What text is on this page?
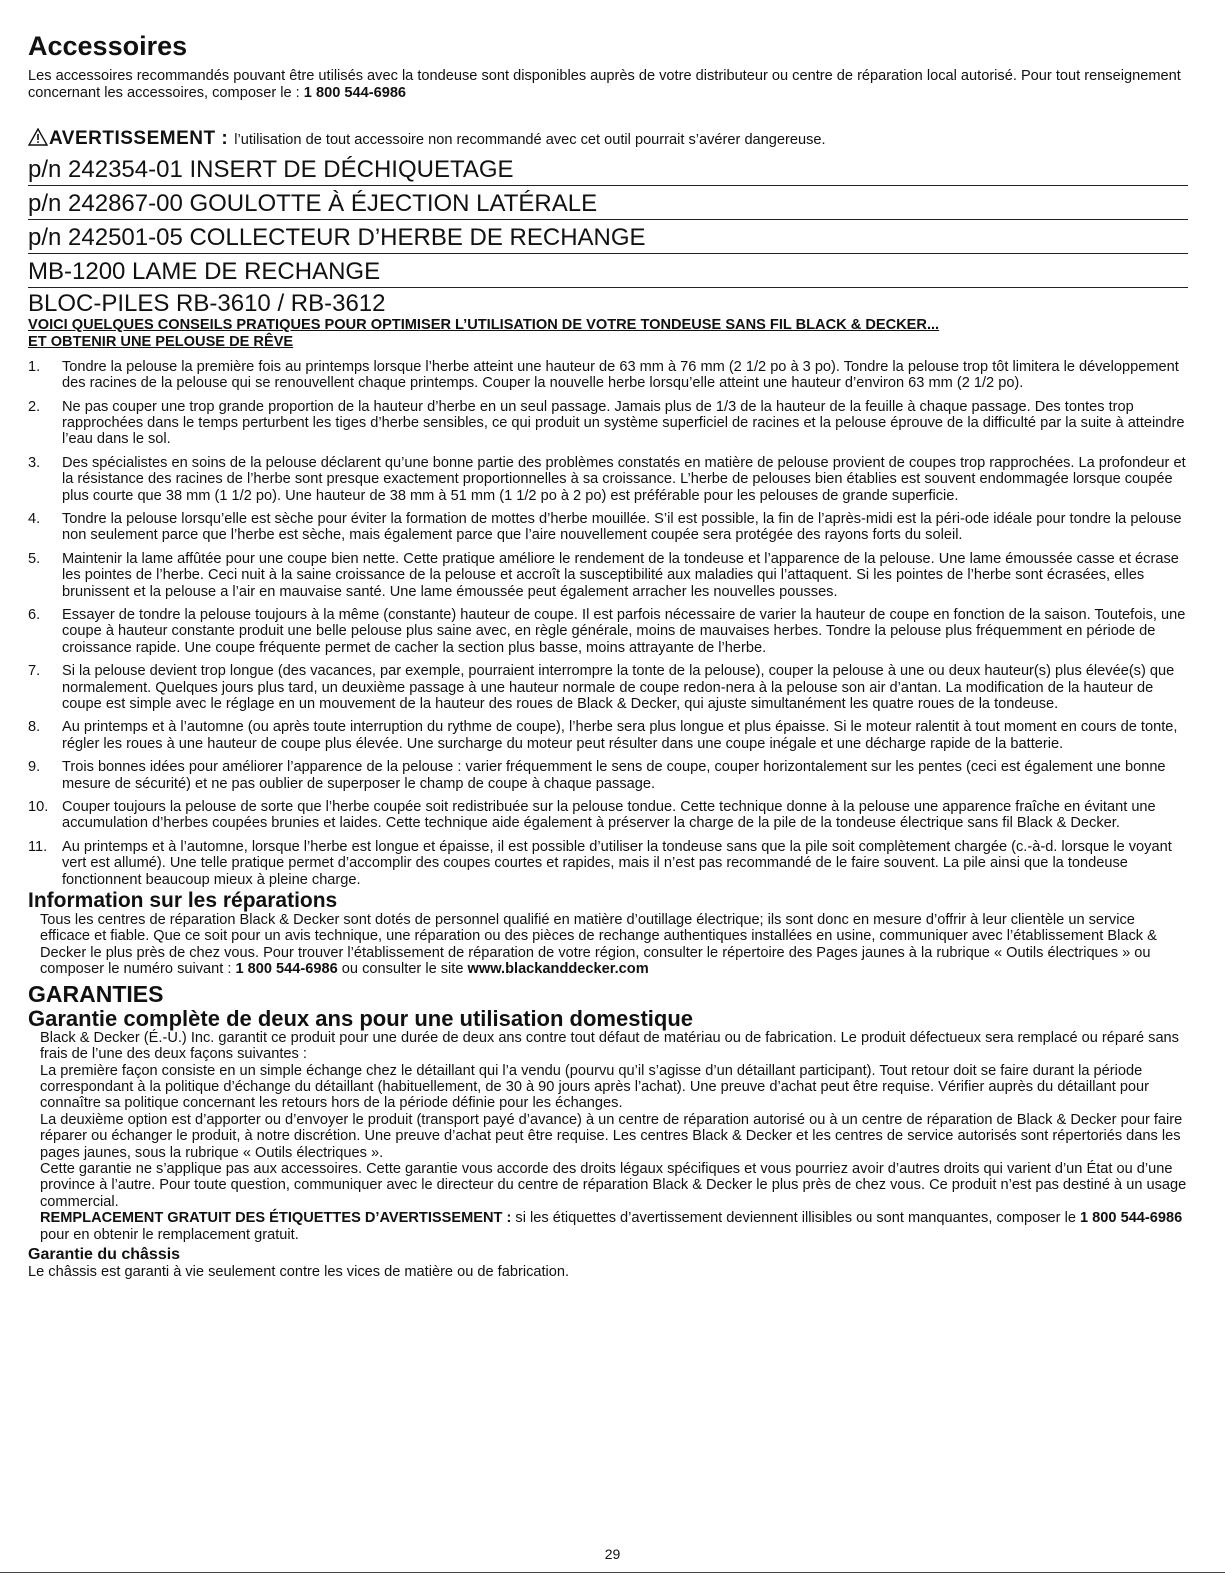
Accessoires

Les accessoires recommandés pouvant être utilisés avec la tondeuse sont disponibles auprès de votre distributeur ou centre de réparation local autorisé. Pour tout renseignement concernant les accessoires, composer le : 1 800 544-6986

AVERTISSEMENT : l’utilisation de tout accessoire non recommandé avec cet outil pourrait s’avérer dangereuse.
p/n 242354-01 INSERT DE DÉCHIQUETAGE
p/n 242867-00 GOULOTTE À ÉJECTION LATÉRALE
p/n 242501-05 COLLECTEUR D’HERBE DE RECHANGE
MB-1200 LAME DE RECHANGE
BLOC-PILES RB-3610 / RB-3612
VOICI QUELQUES CONSEILS PRATIQUES POUR OPTIMISER L’UTILISATION DE VOTRE TONDEUSE SANS FIL BLACK & DECKER...
ET OBTENIR UNE PELOUSE DE RÊVE
1.	Tondre la pelouse la première fois au printemps lorsque l’herbe atteint une hauteur de 63 mm à 76 mm (2 1/2 po à 3 po). Tondre la pelouse trop tôt limitera le développement des racines de la pelouse qui se renouvellent chaque printemps. Couper la nouvelle herbe lorsqu’elle atteint une hauteur d’environ 63 mm (2 1/2 po).
2.	Ne pas couper une trop grande proportion de la hauteur d’herbe en un seul passage. Jamais plus de 1/3 de la hauteur de la feuille à chaque passage. Des tontes trop rapprochées dans le temps perturbent les tiges d’herbe sensibles, ce qui produit un système superficiel de racines et la pelouse éprouve de la difficulté par la suite à atteindre l’eau dans le sol.
3.	Des spécialistes en soins de la pelouse déclarent qu’une bonne partie des problèmes constatés en matière de pelouse provient de coupes trop rapprochées. La profondeur et la résistance des racines de l’herbe sont presque exactement proportionnelles à sa croissance. L’herbe de pelouses bien établies est souvent endommagée lorsque coupée plus courte que 38 mm (1 1/2 po). Une hauteur de 38 mm à 51 mm (1 1/2 po à 2 po) est préférable pour les pelouses de grande superficie.
4.	Tondre la pelouse lorsqu’elle est sèche pour éviter la formation de mottes d’herbe mouillée. S’il est possible, la fin de l’après-midi est la péri-ode idéale pour tondre la pelouse non seulement parce que l’herbe est sèche, mais également parce que l’aire nouvellement coupée sera protégée des rayons forts du soleil.
5.	Maintenir la lame affûtée pour une coupe bien nette. Cette pratique améliore le rendement de la tondeuse et l’apparence de la pelouse. Une lame émoussée casse et écrase les pointes de l’herbe. Ceci nuit à la saine croissance de la pelouse et accroît la susceptibilité aux maladies qui l’attaquent. Si les pointes de l’herbe sont écrasées, elles brunissent et la pelouse a l’air en mauvaise santé. Une lame émoussée peut également arracher les nouvelles pousses.
6.	Essayer de tondre la pelouse toujours à la même (constante) hauteur de coupe. Il est parfois nécessaire de varier la hauteur de coupe en fonction de la saison. Toutefois, une coupe à hauteur constante produit une belle pelouse plus saine avec, en règle générale, moins de mauvaises herbes. Tondre la pelouse plus fréquemment en période de croissance rapide. Une coupe fréquente permet de cacher la section plus basse, moins attrayante de l’herbe.
7.	Si la pelouse devient trop longue (des vacances, par exemple, pourraient interrompre la tonte de la pelouse), couper la pelouse à une ou deux hauteur(s) plus élevée(s) que normalement. Quelques jours plus tard, un deuxième passage à une hauteur normale de coupe redon-nera à la pelouse son air d’antan. La modification de la hauteur de coupe est simple avec le réglage en un mouvement de la hauteur des roues de Black & Decker, qui ajuste simultanément les quatre roues de la tondeuse.
8.	Au printemps et à l’automne (ou après toute interruption du rythme de coupe), l’herbe sera plus longue et plus épaisse. Si le moteur ralentit à tout moment en cours de tonte, régler les roues à une hauteur de coupe plus élevée. Une surcharge du moteur peut résulter dans une coupe inégale et une décharge rapide de la batterie.
9.	Trois bonnes idées pour améliorer l’apparence de la pelouse : varier fréquemment le sens de coupe, couper horizontalement sur les pentes (ceci est également une bonne mesure de sécurité) et ne pas oublier de superposer le champ de coupe à chaque passage.
10. Couper toujours la pelouse de sorte que l’herbe coupée soit redistribuée sur la pelouse tondue. Cette technique donne à la pelouse une apparence fraîche en évitant une accumulation d’herbes coupées brunies et laides. Cette technique aide également à préserver la charge de la pile de la tondeuse électrique sans fil Black & Decker.
11.	Au printemps et à l’automne, lorsque l’herbe est longue et épaisse, il est possible d’utiliser la tondeuse sans que la pile soit complètement chargée (c.-à-d. lorsque le voyant vert est allumé). Une telle pratique permet d’accomplir des coupes courtes et rapides, mais il n’est pas recommandé de le faire souvent. La pile ainsi que la tondeuse fonctionnent beaucoup mieux à pleine charge.
Information sur les réparations

Tous les centres de réparation Black & Decker sont dotés de personnel qualifié en matière d’outillage électrique; ils sont donc en mesure d’offrir à leur clientèle un service efficace et fiable. Que ce soit pour un avis technique, une réparation ou des pièces de rechange authentiques installées en usine, communiquer avec l’établissement Black & Decker le plus près de chez vous. Pour trouver l’établissement de réparation de votre région, consulter le répertoire des Pages jaunes à la rubrique « Outils électriques » ou composer le numéro suivant : 1 800 544-6986 ou consulter le site www.blackanddecker.com

GARANTIES
Garantie complète de deux ans pour une utilisation domestique

Black & Decker (É.-U.) Inc. garantit ce produit pour une durée de deux ans contre tout défaut de matériau ou de fabrication. Le produit défectueux sera remplacé ou réparé sans frais de l’une des deux façons suivantes :

La première façon consiste en un simple échange chez le détaillant qui l’a vendu (pourvu qu’il s’agisse d’un détaillant participant). Tout retour doit se faire durant la période correspondant à la politique d’échange du détaillant (habituellement, de 30 à 90 jours après l’achat). Une preuve d’achat peut être requise. Vérifier auprès du détaillant pour connaître sa politique concernant les retours hors de la période définie pour les échanges.

La deuxième option est d’apporter ou d’envoyer le produit (transport payé d’avance) à un centre de réparation autorisé ou à un centre de réparation de Black & Decker pour faire réparer ou échanger le produit, à notre discrétion. Une preuve d’achat peut être requise. Les centres Black & Decker et les centres de service autorisés sont répertoriés dans les pages jaunes, sous la rubrique « Outils électriques ».

Cette garantie ne s’applique pas aux accessoires. Cette garantie vous accorde des droits légaux spécifiques et vous pourriez avoir d’autres droits qui varient d’un État ou d’une province à l’autre. Pour toute question, communiquer avec le directeur du centre de réparation Black & Decker le plus près de chez vous. Ce produit n’est pas destiné à un usage commercial.

REMPLACEMENT GRATUIT DES ÉTIQUETTES D’AVERTISSEMENT : si les étiquettes d’avertissement deviennent illisibles ou sont manquantes, composer le 1 800 544-6986 pour en obtenir le remplacement gratuit.

Garantie du châssis

Le châssis est garanti à vie seulement contre les vices de matière ou de fabrication.

29
